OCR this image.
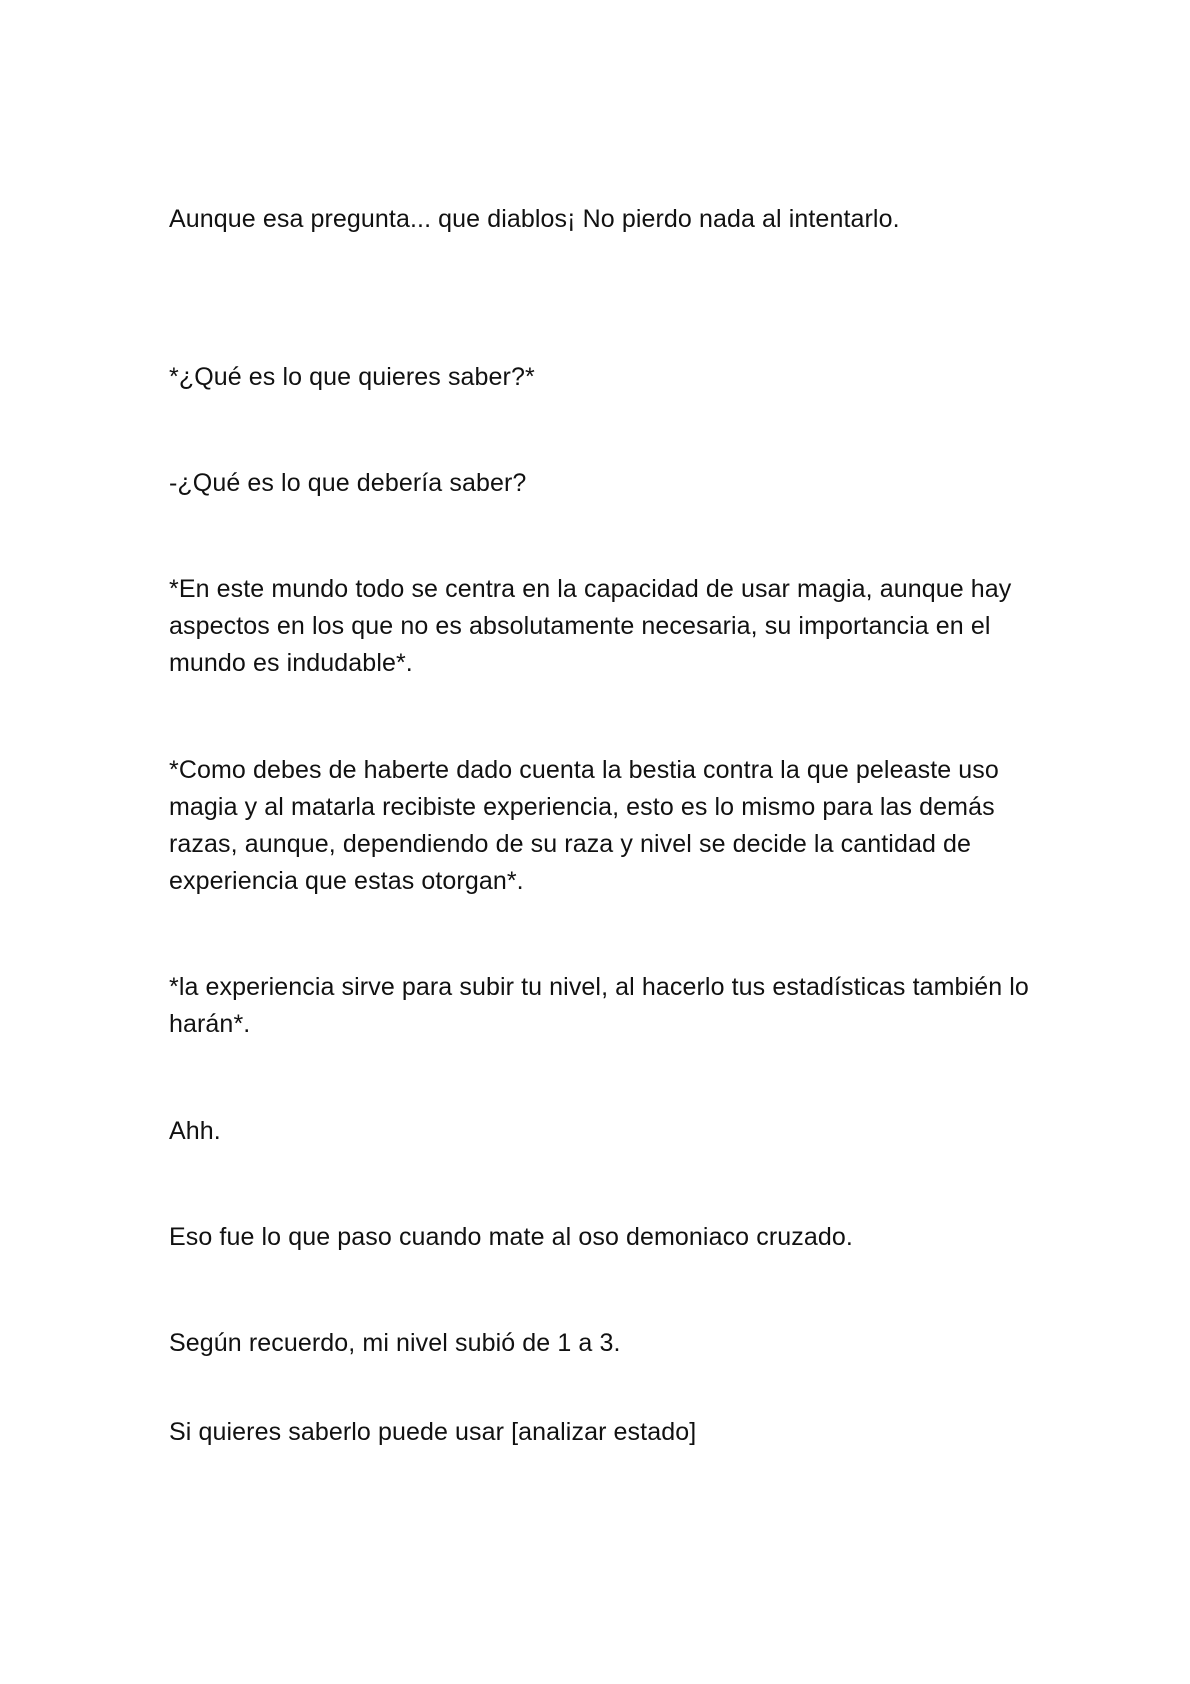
Aunque esa pregunta... que diablos¡ No pierdo nada al intentarlo.

*¿Qué es lo que quieres saber?*

-¿Qué es lo que debería saber?

*En este mundo todo se centra en la capacidad de usar magia, aunque hay aspectos en los que no es absolutamente necesaria, su importancia en el mundo es indudable*.

*Como debes de haberte dado cuenta la bestia contra la que peleaste uso magia y al matarla recibiste experiencia, esto es lo mismo para las demás razas, aunque, dependiendo de su raza y nivel se decide la cantidad de experiencia que estas otorgan*.

*la experiencia sirve para subir tu nivel, al hacerlo tus estadísticas también lo harán*.

Ahh.

Eso fue lo que paso cuando mate al oso demoniaco cruzado.

Según recuerdo, mi nivel subió de 1 a 3.

Si quieres saberlo puede usar [analizar estado]
